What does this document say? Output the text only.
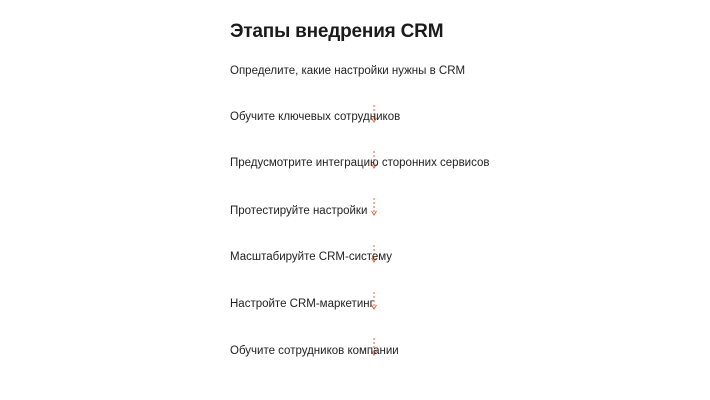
Этапы внедрения CRM
Определите, какие настройки нужны в CRM
Обучите ключевых сотрудников
Предусмотрите интеграцию сторонних сервисов
Протестируйте настройки
Масштабируйте CRM-систему
Настройте CRM-маркетинг
Обучите сотрудников компании
